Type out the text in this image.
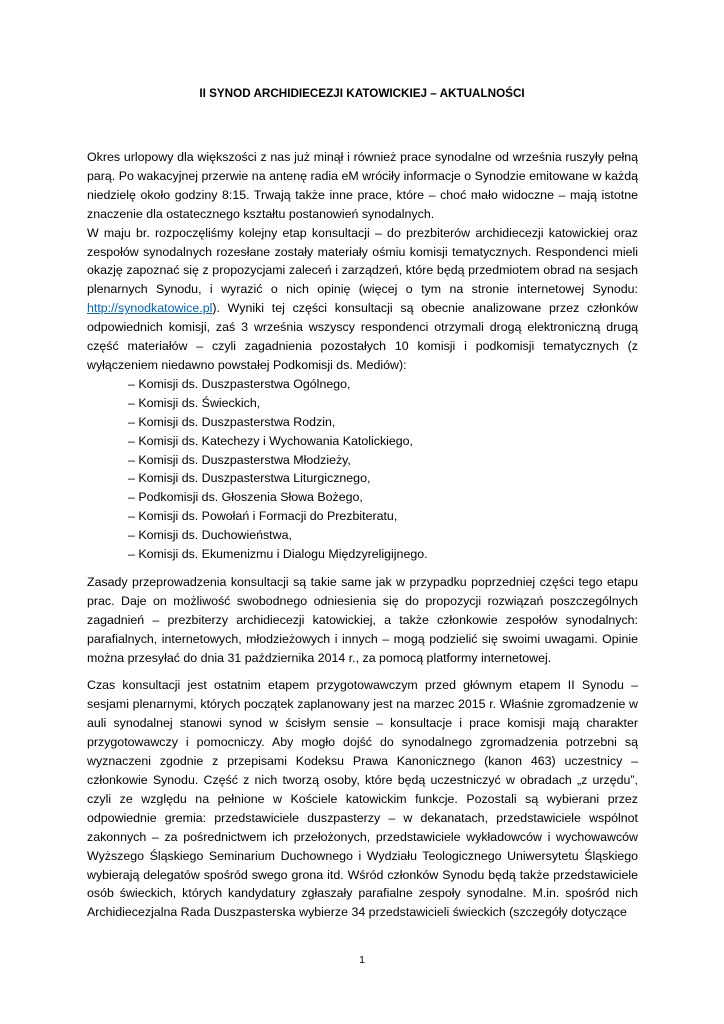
II SYNOD ARCHIDIECEZJI KATOWICKIEJ – AKTUALNOŚCI

Okres urlopowy dla większości z nas już minął i również prace synodalne od września ruszyły pełną parą. Po wakacyjnej przerwie na antenę radia eM wróciły informacje o Synodzie emitowane w każdą niedzielę około godziny 8:15. Trwają także inne prace, które – choć mało widoczne – mają istotne znaczenie dla ostatecznego kształtu postanowień synodalnych.

W maju br. rozpoczęliśmy kolejny etap konsultacji – do prezbiterów archidiecezji katowickiej oraz zespołów synodalnych rozesłane zostały materiały ośmiu komisji tematycznych. Respondenci mieli okazję zapoznać się z propozycjami zaleceń i zarządzeń, które będą przedmiotem obrad na sesjach plenarnych Synodu, i wyrazić o nich opinię (więcej o tym na stronie internetowej Synodu: http://synodkatowice.pl). Wyniki tej części konsultacji są obecnie analizowane przez członków odpowiednich komisji, zaś 3 września wszyscy respondenci otrzymali drogą elektroniczną drugą część materiałów – czyli zagadnienia pozostałych 10 komisji i podkomisji tematycznych (z wyłączeniem niedawno powstałej Podkomisji ds. Mediów):

– Komisji ds. Duszpasterstwa Ogólnego,
– Komisji ds. Świeckich,
– Komisji ds. Duszpasterstwa Rodzin,
– Komisji ds. Katechezy i Wychowania Katolickiego,
– Komisji ds. Duszpasterstwa Młodzieży,
– Komisji ds. Duszpasterstwa Liturgicznego,
– Podkomisji ds. Głoszenia Słowa Bożego,
– Komisji ds. Powołań i Formacji do Prezbiteratu,
– Komisji ds. Duchowieństwa,
– Komisji ds. Ekumenizmu i Dialogu Międzyreligijnego.

Zasady przeprowadzenia konsultacji są takie same jak w przypadku poprzedniej części tego etapu prac. Daje on możliwość swobodnego odniesienia się do propozycji rozwiązań poszczególnych zagadnień – prezbiterzy archidiecezji katowickiej, a także członkowie zespołów synodalnych: parafialnych, internetowych, młodzieżowych i innych – mogą podzielić się swoimi uwagami. Opinie można przesyłać do dnia 31 października 2014 r., za pomocą platformy internetowej.

Czas konsultacji jest ostatnim etapem przygotowawczym przed głównym etapem II Synodu – sesjami plenarnymi, których początek zaplanowany jest na marzec 2015 r. Właśnie zgromadzenie w auli synodalnej stanowi synod w ścisłym sensie – konsultacje i prace komisji mają charakter przygotowawczy i pomocniczy. Aby mogło dojść do synodalnego zgromadzenia potrzebni są wyznaczeni zgodnie z przepisami Kodeksu Prawa Kanonicznego (kanon 463) uczestnicy – członkowie Synodu. Część z nich tworzą osoby, które będą uczestniczyć w obradach „z urzędu”, czyli ze względu na pełnione w Kościele katowickim funkcje. Pozostali są wybierani przez odpowiednie gremia: przedstawiciele duszpasterzy – w dekanatach, przedstawiciele wspólnot zakonnych – za pośrednictwem ich przełożonych, przedstawiciele wykładowców i wychowawców Wyższego Śląskiego Seminarium Duchownego i Wydziału Teologicznego Uniwersytetu Śląskiego wybierają delegatów spośród swego grona itd. Wśród członków Synodu będą także przedstawiciele osób świeckich, których kandydatury zgłaszały parafialne zespoły synodalne. M.in. spośród nich Archidiecezjalna Rada Duszpasterska wybierze 34 przedstawicieli świeckich (szczegóły dotyczące

1
